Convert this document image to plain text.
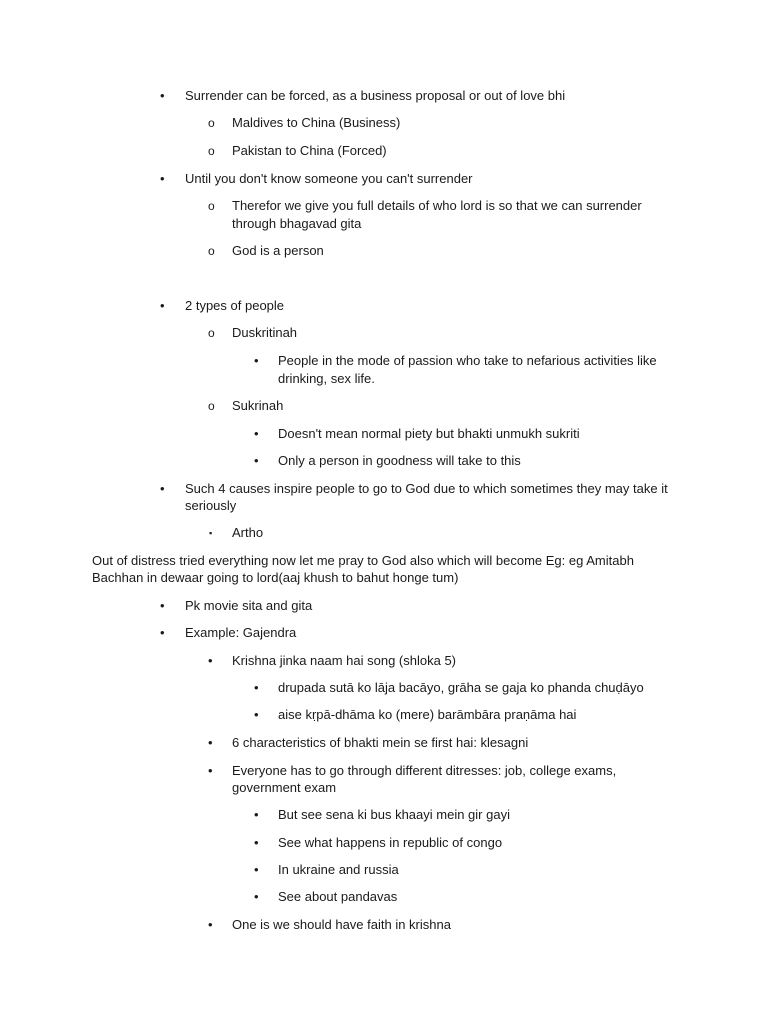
• Surrender can be forced, as a business proposal or out of love bhi
o Maldives to China (Business)
o Pakistan to China (Forced)
• Until you don't know someone you can't surrender
o Therefor we give you full details of who lord is so that we can surrender
through bhagavad gita
o God is a person
• 2 types of people
o Duskritinah
• People in the mode of passion who take to nefarious activities like
drinking, sex life.
o Sukrinah
• Doesn't mean normal piety but bhakti unmukh sukriti
• Only a person in goodness will take to this
• Such 4 causes inspire people to go to God due to which sometimes they may take it
seriously
▪ Artho
Out of distress tried everything now let me pray to God also which will become Eg: eg Amitabh
Bachhan in dewaar going to lord(aaj khush to bahut honge tum)
• Pk movie sita and gita
• Example: Gajendra
• Krishna jinka naam hai song (shloka 5)
• drupada sutā ko lāja bacāyo, grāha se gaja ko phanda chuḍāyo
• aise kṛpā-dhāma ko (mere) barāmbāra praṇāma hai
• 6 characteristics of bhakti mein se first hai: klesagni
• Everyone has to go through different ditresses: job, college exams,
government exam
• But see sena ki bus khaayi mein gir gayi
• See what happens in republic of congo
• In ukraine and russia
• See about pandavas
• One is we should have faith in krishna
